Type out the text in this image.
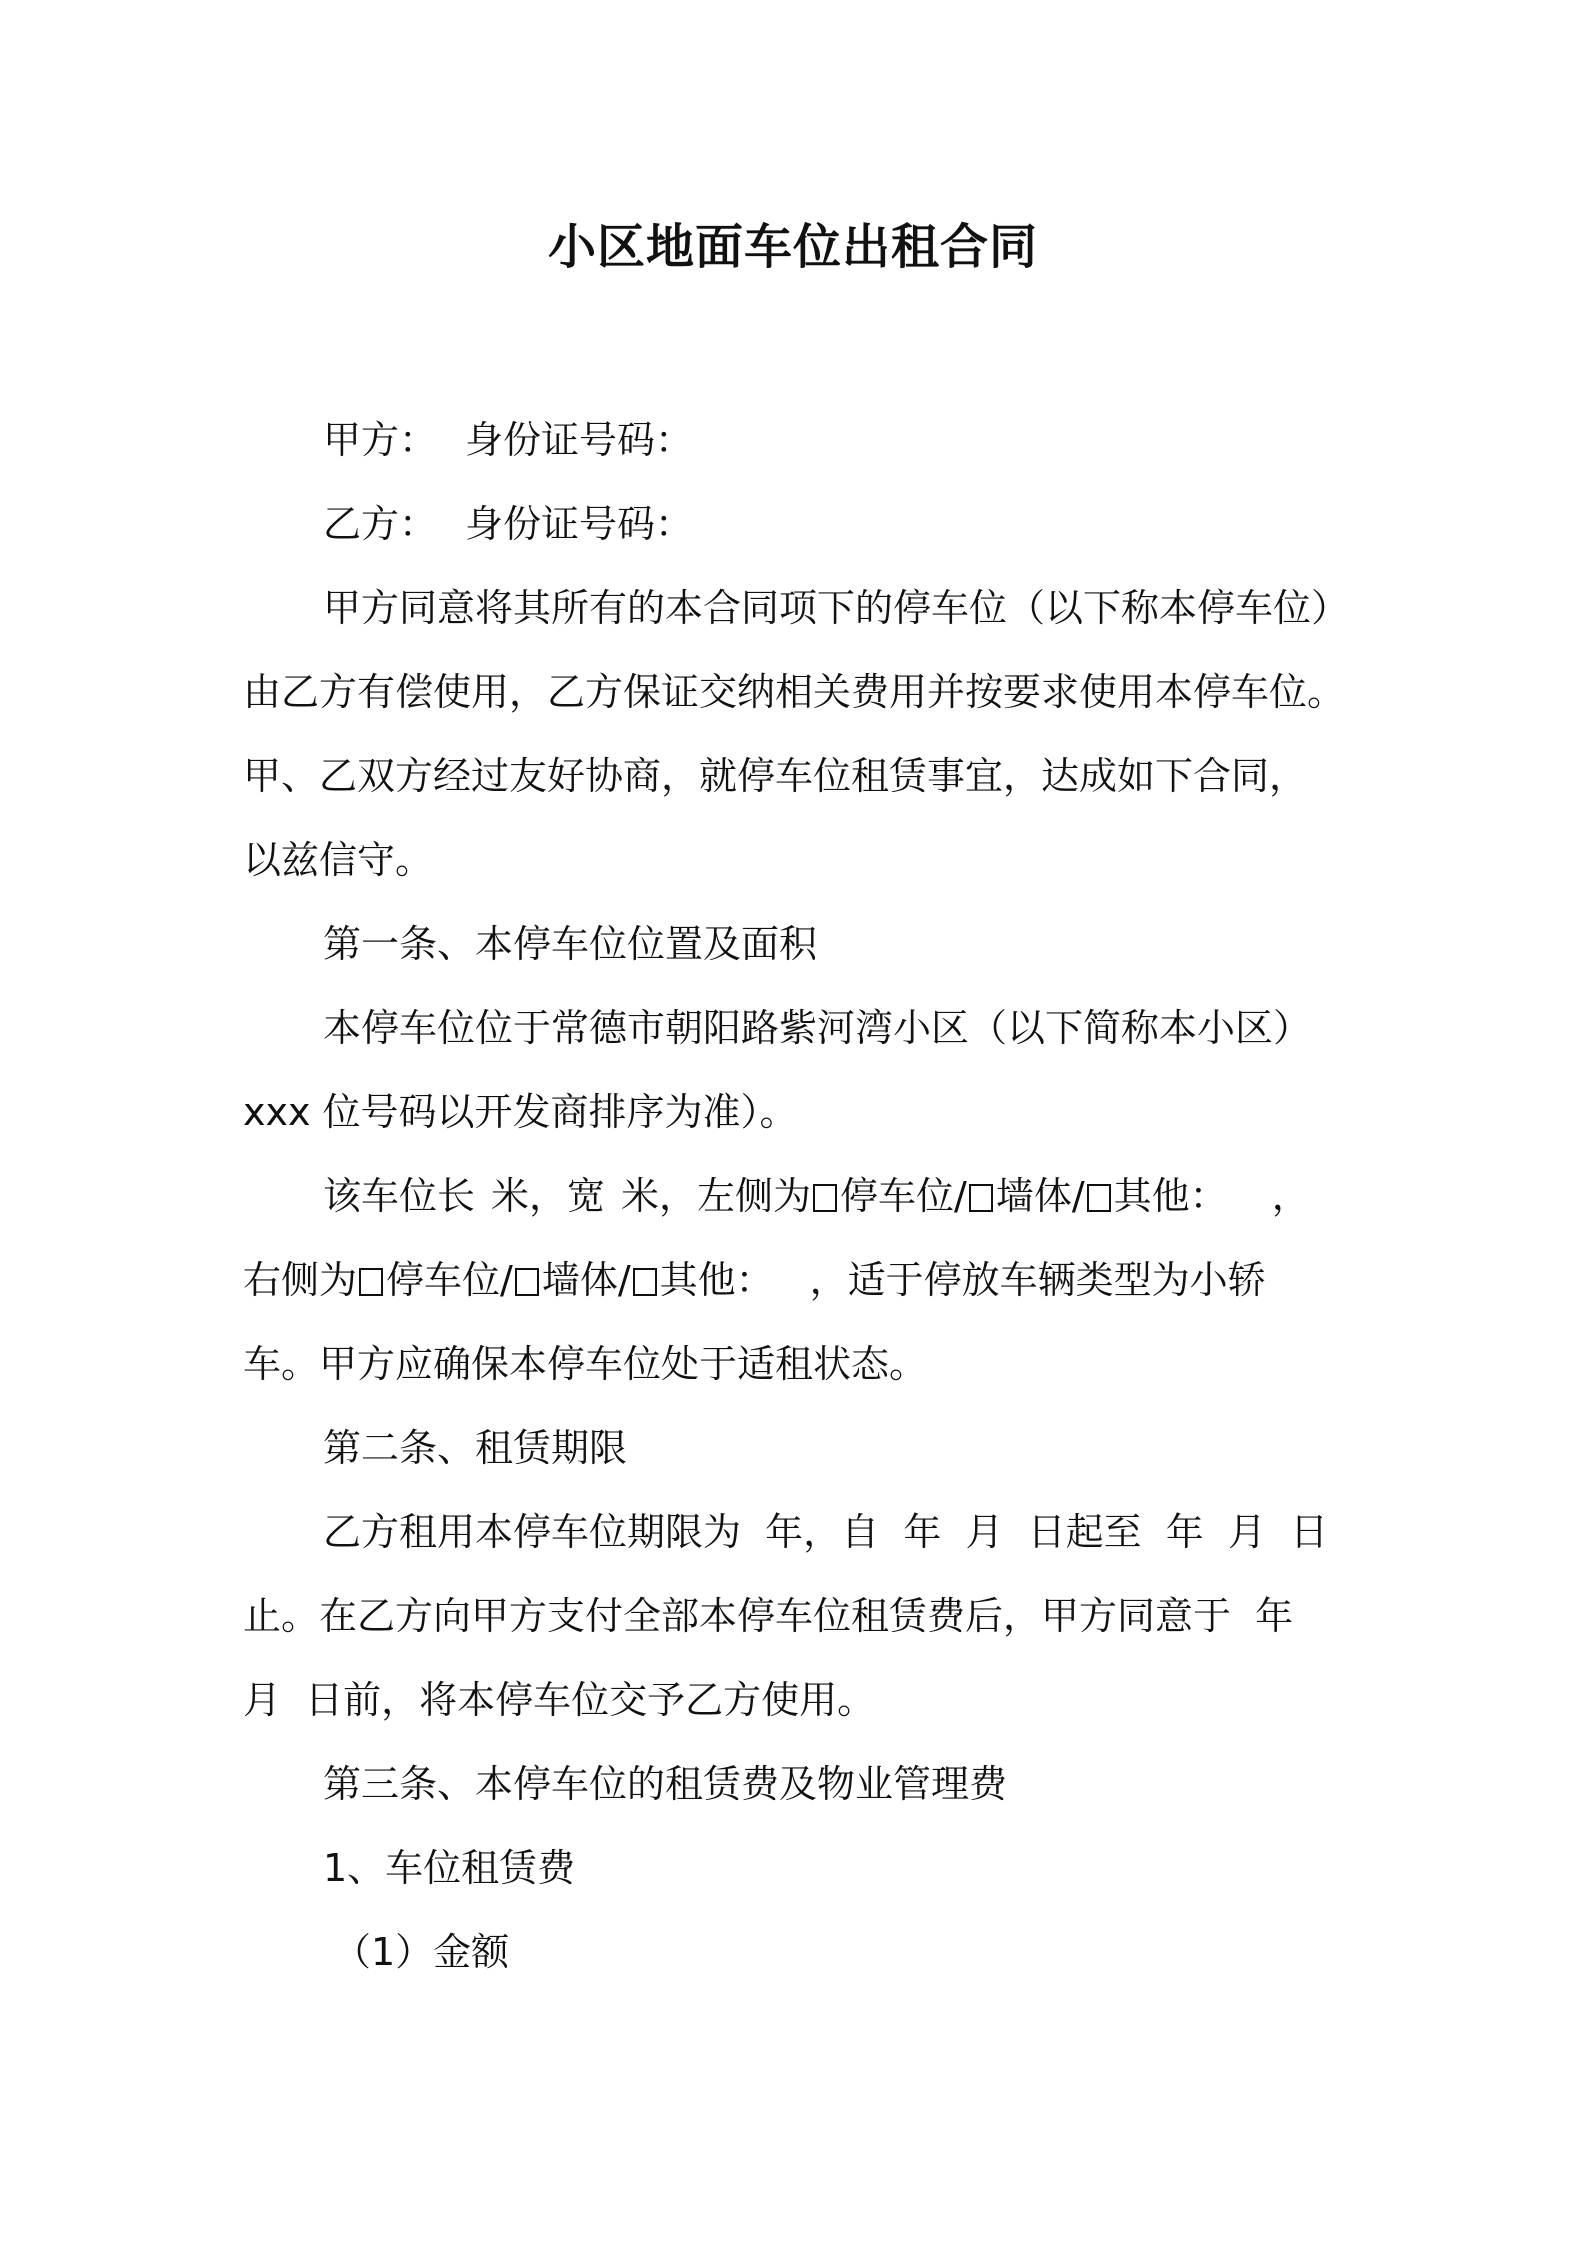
小区地面车位出租合同
甲方： 身份证号码：
乙方： 身份证号码：
甲方同意将其所有的本合同项下的停车位（以下称本停车位）
由乙方有偿使用，乙方保证交纳相关费用并按要求使用本停车位。
甲、乙双方经过友好协商，就停车位租赁事宜，达成如下合同，
以兹信守。
第一条、本停车位位置及面积
本停车位位于常德市朝阳路紫河湾小区（以下简称本小区）
xxx 位号码以开发商排序为准）。
该车位长 米，宽 米，左侧为 停车位/ 墙体/ 其他： ，
右侧为 停车位/ 墙体/ 其他： ，适于停放车辆类型为小轿
车。甲方应确保本停车位处于适租状态。
第二条、租赁期限
乙方租用本停车位期限为  年，自  年  月  日起至  年  月  日
止。在乙方向甲方支付全部本停车位租赁费后，甲方同意于  年
月  日前，将本停车位交予乙方使用。
第三条、本停车位的租赁费及物业管理费
1、车位租赁费
（1）金额
